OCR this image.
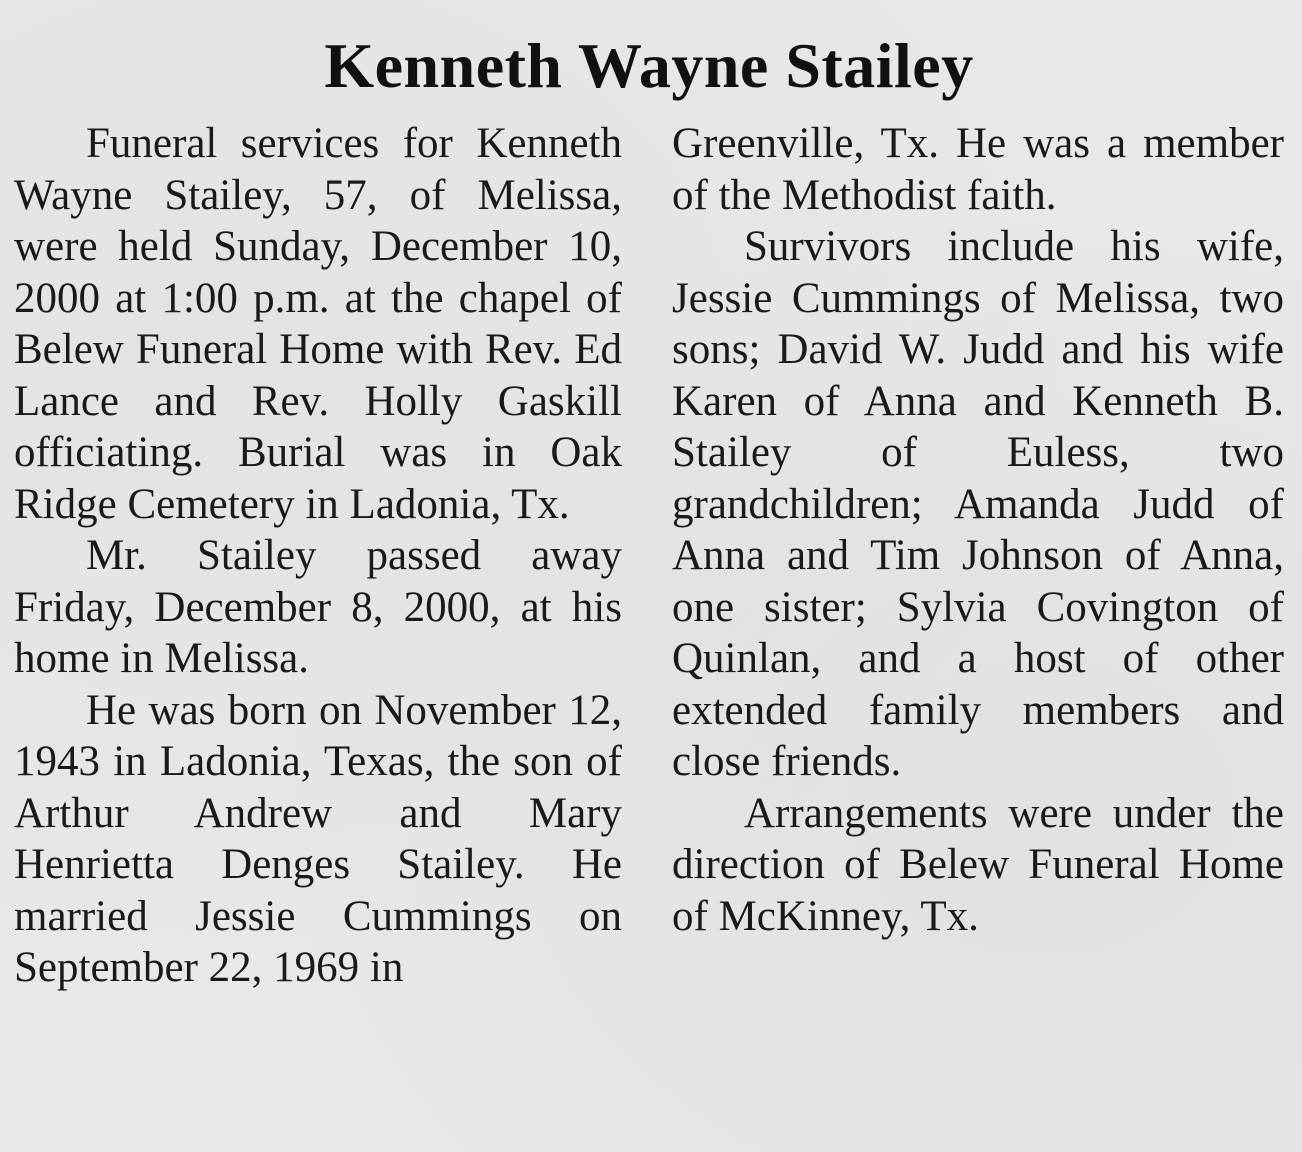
Kenneth Wayne Stailey

Funeral services for Kenneth Wayne Stailey, 57, of Melissa, were held Sunday, December 10, 2000 at 1:00 p.m. at the chapel of Belew Funeral Home with Rev. Ed Lance and Rev. Holly Gaskill officiating. Burial was in Oak Ridge Cemetery in Ladonia, Tx.

Mr. Stailey passed away Friday, December 8, 2000, at his home in Melissa.

He was born on November 12, 1943 in Ladonia, Texas, the son of Arthur Andrew and Mary Henrietta Denges Stailey. He married Jessie Cummings on September 22, 1969 in

Greenville, Tx. He was a member of the Methodist faith.

Survivors include his wife, Jessie Cummings of Melissa, two sons; David W. Judd and his wife Karen of Anna and Kenneth B. Stailey of Euless, two grandchildren; Amanda Judd of Anna and Tim Johnson of Anna, one sister; Sylvia Covington of Quinlan, and a host of other extended family members and close friends.

Arrangements were under the direction of Belew Funeral Home of McKinney, Tx.
